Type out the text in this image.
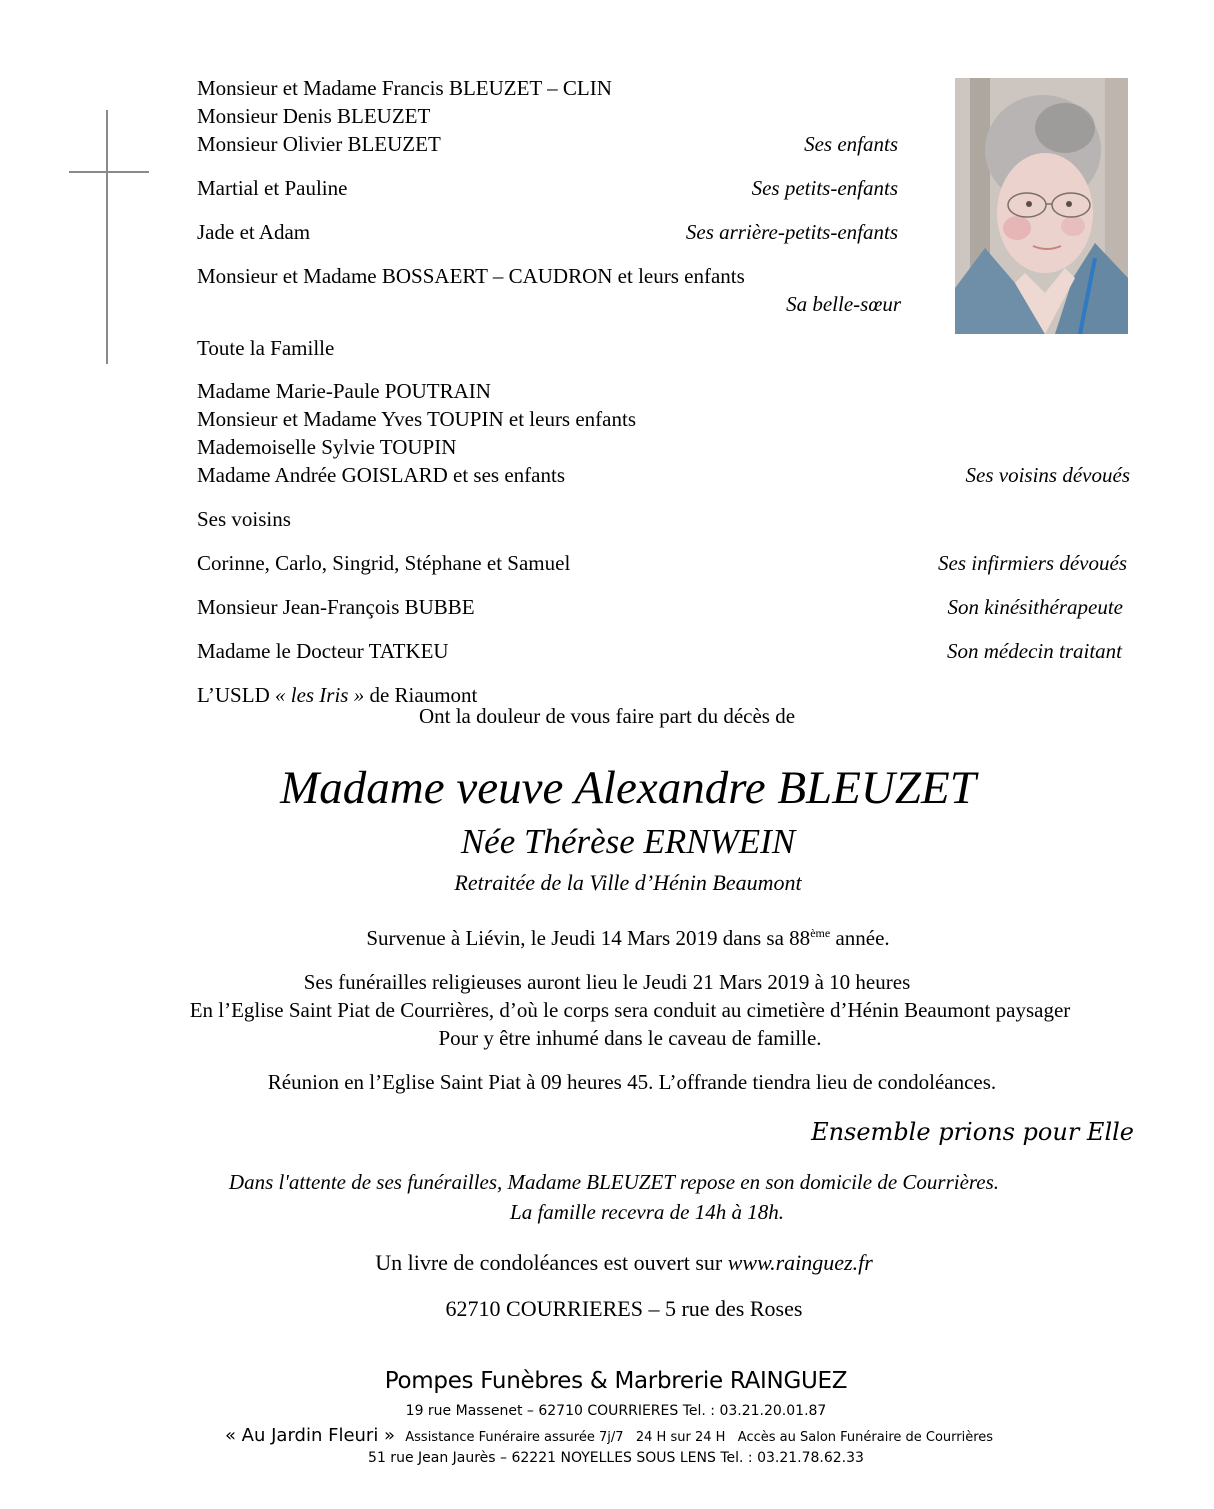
Monsieur et Madame Francis BLEUZET – CLIN
Monsieur Denis BLEUZET
Monsieur Olivier BLEUZET	Ses enfants
Martial et Pauline	Ses petits-enfants
Jade et Adam	Ses arrière-petits-enfants
Monsieur et Madame BOSSAERT – CAUDRON et leurs enfants
Sa belle-sœur
Toute la Famille
Madame Marie-Paule POUTRAIN
Monsieur et Madame Yves TOUPIN et leurs enfants
Mademoiselle Sylvie TOUPIN
Madame Andrée GOISLARD et ses enfants	Ses voisins dévoués
Ses voisins
Corinne, Carlo, Singrid, Stéphane et Samuel	Ses infirmiers dévoués
Monsieur Jean-François BUBBE	Son kinésithérapeute
Madame le Docteur TATKEU	Son médecin traitant
L’USLD « les Iris » de Riaumont
Ont la douleur de vous faire part du décès de
Madame veuve Alexandre BLEUZET
Née Thérèse ERNWEIN
Retraitée de la Ville d’Hénin Beaumont
Survenue à Liévin, le Jeudi 14 Mars 2019 dans sa 88ème année.
Ses funérailles religieuses auront lieu le Jeudi 21 Mars 2019 à 10 heures
En l’Eglise Saint Piat de Courrières, d’où le corps sera conduit au cimetière d’Hénin Beaumont paysager
Pour y être inhumé dans le caveau de famille.
Réunion en l’Eglise Saint Piat à 09 heures 45. L’offrande tiendra lieu de condoléances.
Ensemble prions pour Elle
Dans l'attente de ses funérailles, Madame BLEUZET repose en son domicile de Courrières.
La famille recevra de 14h à 18h.
Un livre de condoléances est ouvert sur www.rainguez.fr
62710 COURRIERES – 5 rue des Roses
Pompes Funèbres & Marbrerie RAINGUEZ
19 rue Massenet – 62710 COURRIERES Tel. : 03.21.20.01.87
« Au Jardin Fleuri » Assistance Funéraire assurée 7j/7   24 H sur 24 H   Accès au Salon Funéraire de Courrières
51 rue Jean Jaurès – 62221 NOYELLES SOUS LENS Tel. : 03.21.78.62.33
